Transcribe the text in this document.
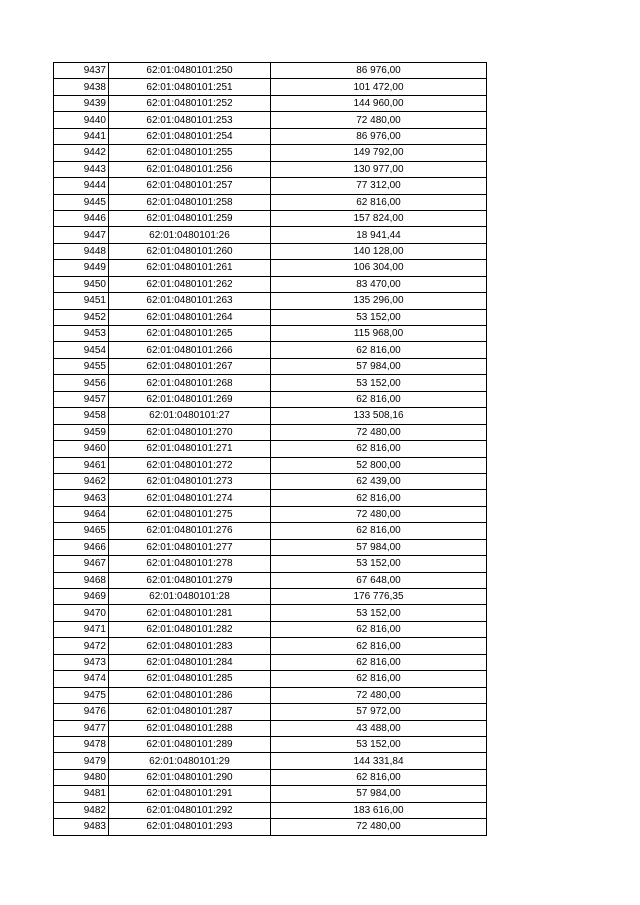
9437	62:01:0480101:250	86 976,00
9438	62:01:0480101:251	101 472,00
9439	62:01:0480101:252	144 960,00
9440	62:01:0480101:253	72 480,00
9441	62:01:0480101:254	86 976,00
9442	62:01:0480101:255	149 792,00
9443	62:01:0480101:256	130 977,00
9444	62:01:0480101:257	77 312,00
9445	62:01:0480101:258	62 816,00
9446	62:01:0480101:259	157 824,00
9447	62:01:0480101:26	18 941,44
9448	62:01:0480101:260	140 128,00
9449	62:01:0480101:261	106 304,00
9450	62:01:0480101:262	83 470,00
9451	62:01:0480101:263	135 296,00
9452	62:01:0480101:264	53 152,00
9453	62:01:0480101:265	115 968,00
9454	62:01:0480101:266	62 816,00
9455	62:01:0480101:267	57 984,00
9456	62:01:0480101:268	53 152,00
9457	62:01:0480101:269	62 816,00
9458	62:01:0480101:27	133 508,16
9459	62:01:0480101:270	72 480,00
9460	62:01:0480101:271	62 816,00
9461	62:01:0480101:272	52 800,00
9462	62:01:0480101:273	62 439,00
9463	62:01:0480101:274	62 816,00
9464	62:01:0480101:275	72 480,00
9465	62:01:0480101:276	62 816,00
9466	62:01:0480101:277	57 984,00
9467	62:01:0480101:278	53 152,00
9468	62:01:0480101:279	67 648,00
9469	62:01:0480101:28	176 776,35
9470	62:01:0480101:281	53 152,00
9471	62:01:0480101:282	62 816,00
9472	62:01:0480101:283	62 816,00
9473	62:01:0480101:284	62 816,00
9474	62:01:0480101:285	62 816,00
9475	62:01:0480101:286	72 480,00
9476	62:01:0480101:287	57 972,00
9477	62:01:0480101:288	43 488,00
9478	62:01:0480101:289	53 152,00
9479	62:01:0480101:29	144 331,84
9480	62:01:0480101:290	62 816,00
9481	62:01:0480101:291	57 984,00
9482	62:01:0480101:292	183 616,00
9483	62:01:0480101:293	72 480,00
